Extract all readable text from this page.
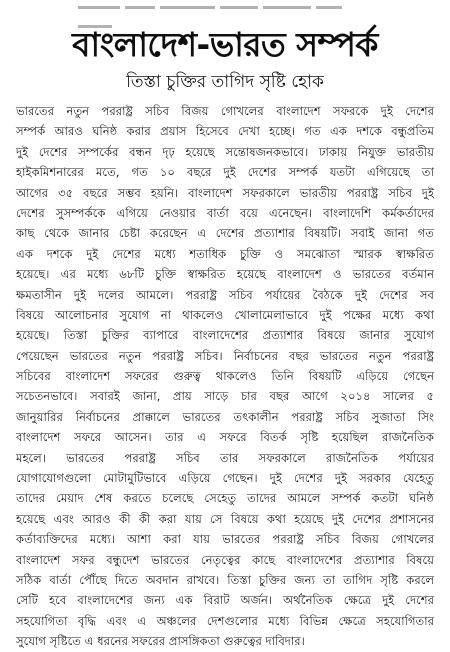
বাংলাদেশ-ভারত সম্পর্ক
তিস্তা চুক্তির তাগিদ সৃষ্টি হোক
ভারতের নতুন পররাষ্ট্র সচিব বিজয় গোখলের বাংলাদেশ সফরকে দুই দেশের
সম্পর্ক আরও ঘনিষ্ঠ করার প্রয়াস হিসেবে দেখা হচ্ছে। গত এক দশকে বন্ধুপ্রতিম
দুই দেশের সম্পর্কের বন্ধন দৃঢ় হয়েছে সন্তোষজনকভাবে। ঢাকায় নিযুক্ত ভারতীয়
হাইকমিশনারের মতে, গত ১০ বছরে দুই দেশের সম্পর্ক যতটা এগিয়েছে তা
আগের ৩৫ বছরে সম্ভব হয়নি। বাংলাদেশ সফরকালে ভারতীয় পররাষ্ট্র সচিব দুই
দেশের সুসম্পর্ককে এগিয়ে নেওয়ার বার্তা বয়ে এনেছেন। বাংলাদেশি কর্মকর্তাদের
কাছ থেকে জানার চেষ্টা করেছেন এ দেশের প্রত্যাশার বিষয়টি। সবাই জানা গত
এক দশকে দুই দেশের মধ্যে শতাধিক চুক্তি ও সমঝোতা স্মারক স্বাক্ষরিত
হয়েছে। এর মধ্যে ৬৮টি চুক্তি স্বাক্ষরিত হয়েছে বাংলাদেশ ও ভারতের বর্তমান
ক্ষমতাসীন দুই দলের আমলে। পররাষ্ট্র সচিব পর্যায়ের বৈঠকে দুই দেশের সব
বিষয়ে আলোচনার সুযোগ না থাকলেও খোলামেলাভাবে দুই পক্ষের মধ্যে কথা
হয়েছে। তিস্তা চুক্তির ব্যাপারে বাংলাদেশের প্রত্যাশার বিষয়ে জানার সুযোগ
পেয়েছেন ভারতের নতুন পররাষ্ট্র সচিব। নির্বাচনের বছর ভারতের নতুন পররাষ্ট্র
সচিবের বাংলাদেশ সফরের গুরুত্ব থাকলেও তিনি বিষয়টি এড়িয়ে গেছেন
সচেতনভাবে। সবারই জানা, প্রায় সাড়ে চার বছর আগে ২০১৪ সালের ৫
জানুয়ারির নির্বাচনের প্রাক্কালে ভারতের তৎকালীন পররাষ্ট্র সচিব সুজাতা সিং
বাংলাদেশ সফরে আসেন। তার এ সফরে বিতর্ক সৃষ্টি হয়েছিল রাজনৈতিক
মহলে। ভারতের পররাষ্ট্র সচিব তার সফরকালে রাজনৈতিক পর্যায়ের
যোগাযোগগুলো মোটামুটিভাবে এড়িয়ে গেছেন। দুই দেশের দুই সরকার যেহেতু
তাদের মেয়াদ শেষ করতে চলেছে সেহেতু তাদের আমলে সম্পর্ক কতটা ঘনিষ্ঠ
হয়েছে এবং আরও কী কী করা যায় সে বিষয়ে কথা হয়েছে দুই দেশের প্রশাসনের
কর্তাব্যক্তিদের মধ্যে। আশা করা যায় ভারতের পররাষ্ট্র সচিব বিজয় গোখলের
বাংলাদেশ সফর বন্ধুদেশ ভারতের নেতৃত্বের কাছে বাংলাদেশের প্রত্যাশার বিষয়ে
সঠিক বার্তা পৌঁছে দিতে অবদান রাখবে। তিস্তা চুক্তির জন্য তা তাগিদ সৃষ্টি করলে
সেটি হবে বাংলাদেশের জন্য এক বিরাট অর্জন। অর্থনৈতিক ক্ষেত্রে দুই দেশের
সহযোগিতা বৃদ্ধি এবং এ অঞ্চলের দেশগুলোর মধ্যে বিভিন্ন ক্ষেত্রে সহযোগিতার
সুযোগ সৃষ্টিতে এ ধরনের সফরের প্রাসঙ্গিকতা গুরুত্বের দাবিদার।
